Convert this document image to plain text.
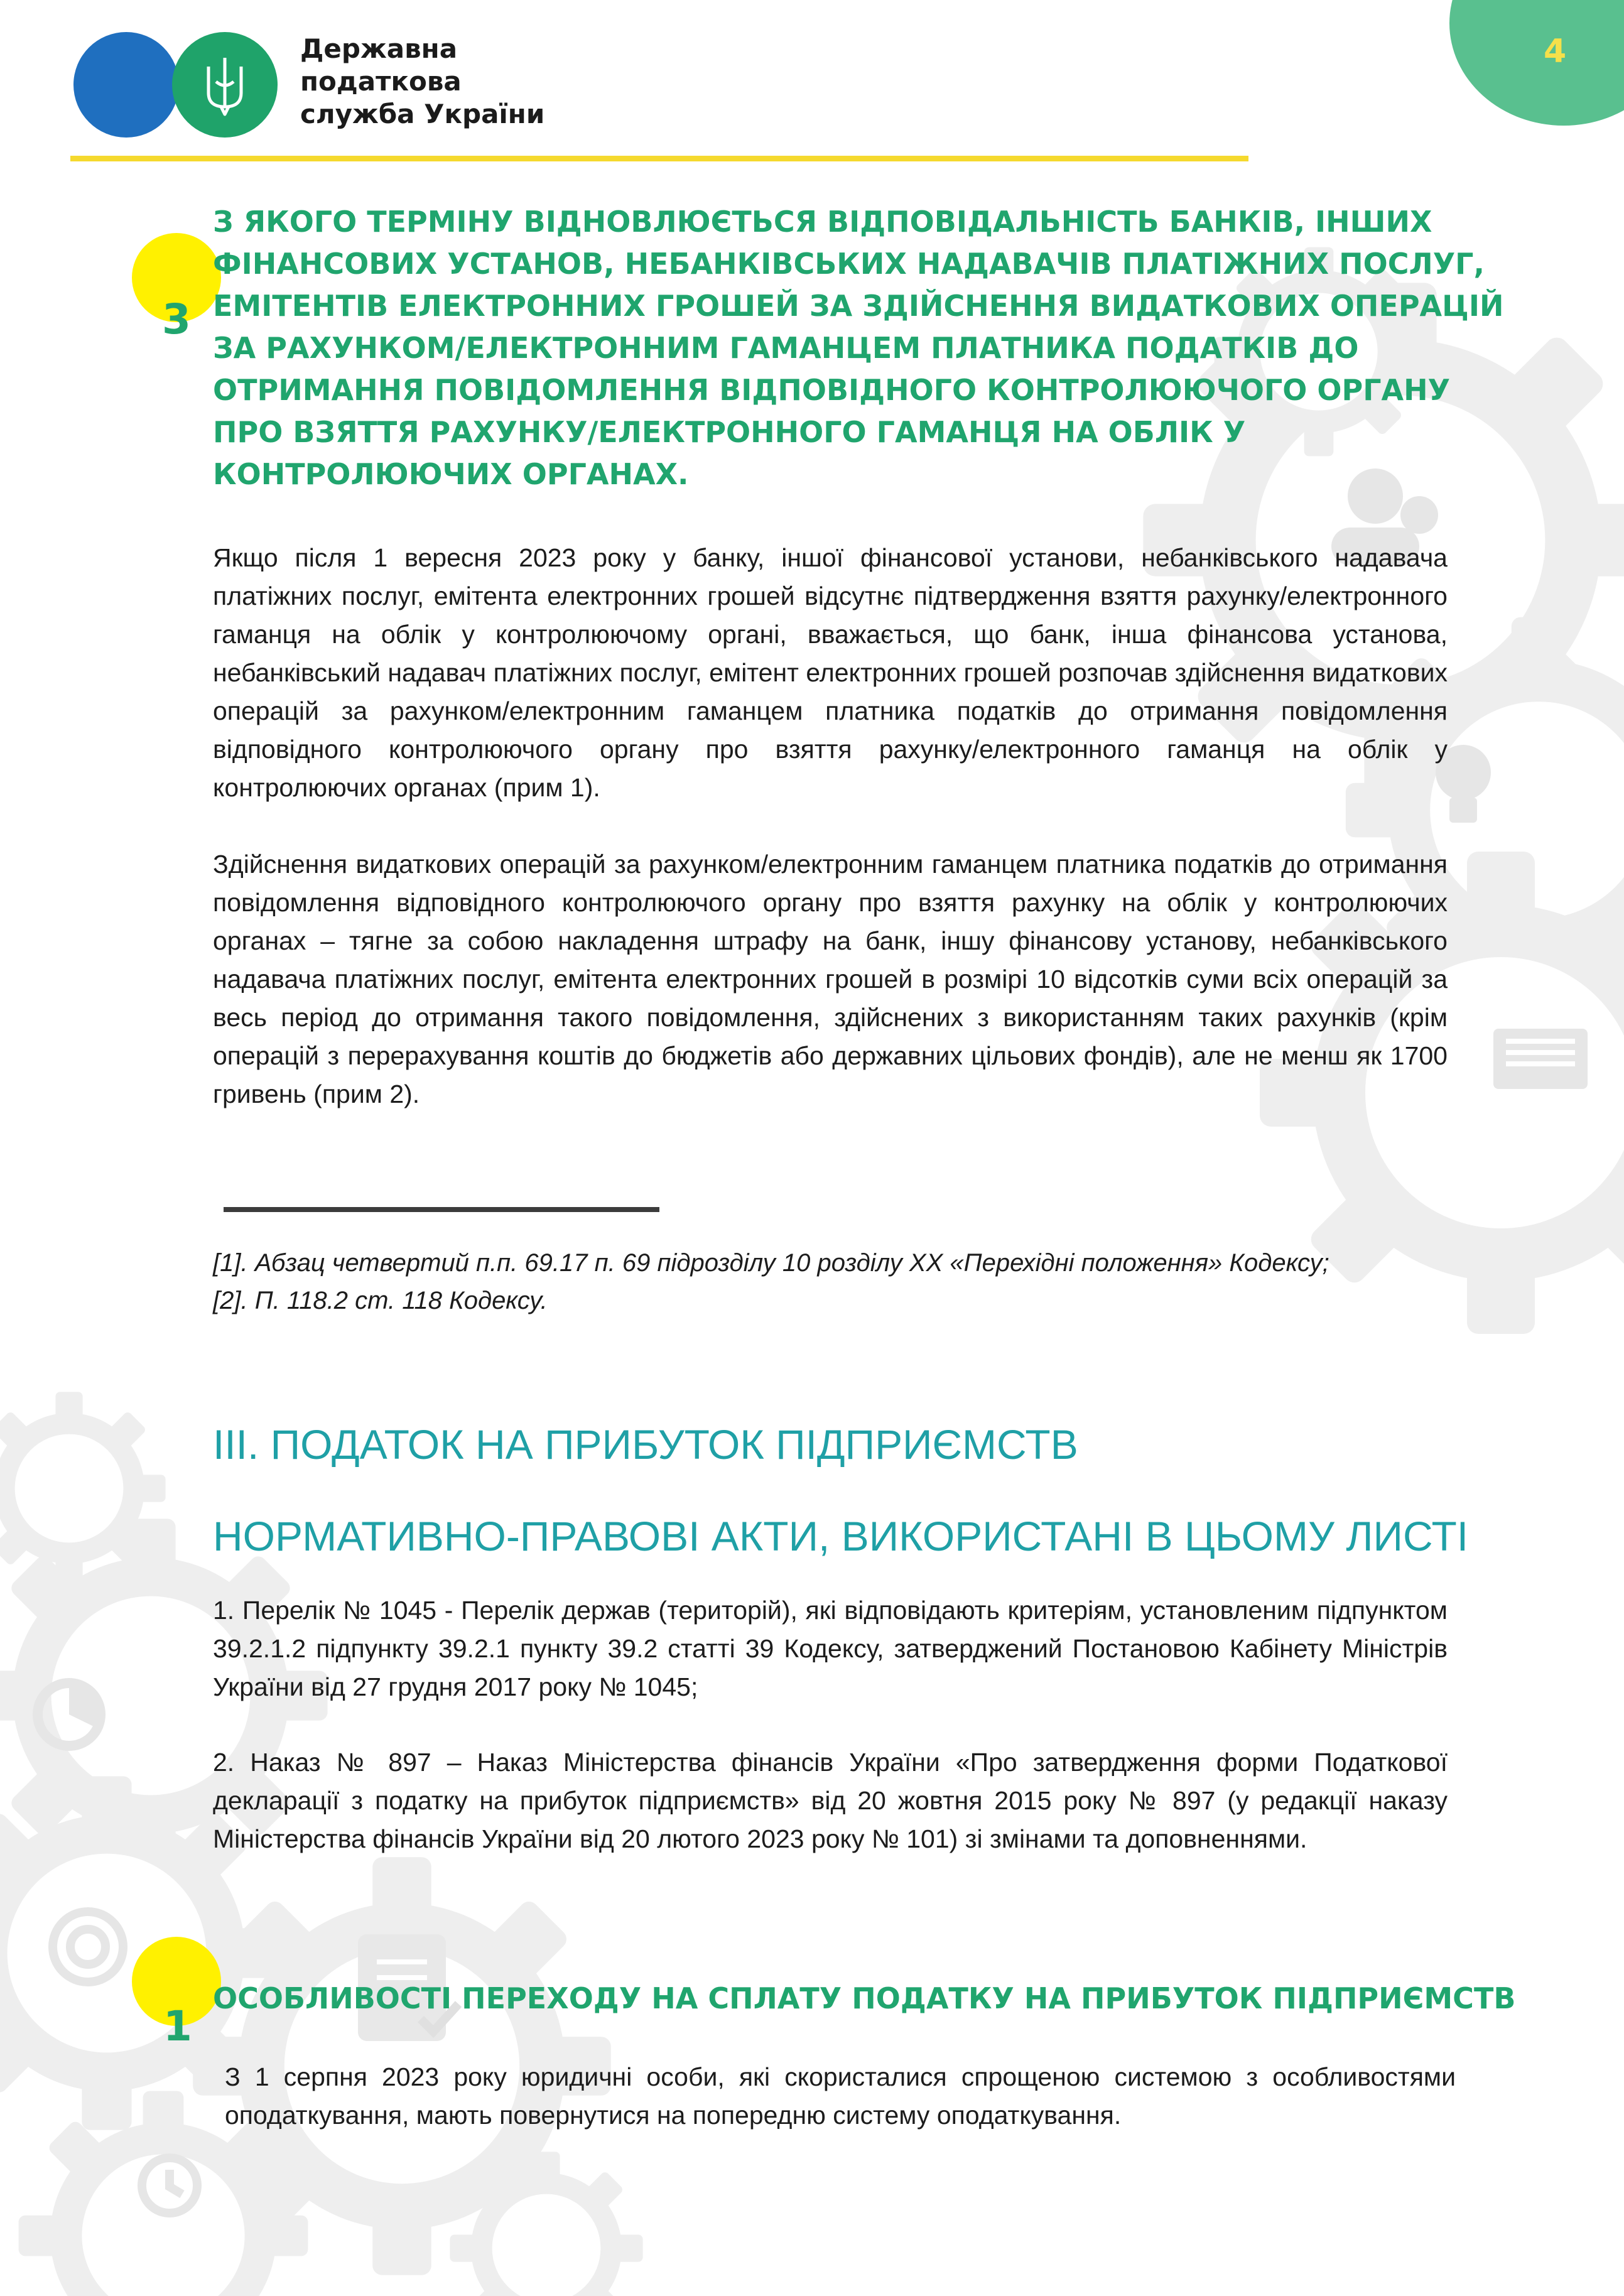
Державна
податкова
служба України
4
3
З ЯКОГО ТЕРМІНУ ВІДНОВЛЮЄТЬСЯ ВІДПОВІДАЛЬНІСТЬ БАНКІВ, ІНШИХ
ФІНАНСОВИХ УСТАНОВ, НЕБАНКІВСЬКИХ НАДАВАЧІВ ПЛАТІЖНИХ ПОСЛУГ,
ЕМІТЕНТІВ ЕЛЕКТРОННИХ ГРОШЕЙ ЗА ЗДІЙСНЕННЯ ВИДАТКОВИХ ОПЕРАЦІЙ
ЗА РАХУНКОМ/ЕЛЕКТРОННИМ ГАМАНЦЕМ ПЛАТНИКА ПОДАТКІВ ДО
ОТРИМАННЯ ПОВІДОМЛЕННЯ ВІДПОВІДНОГО КОНТРОЛЮЮЧОГО ОРГАНУ
ПРО ВЗЯТТЯ РАХУНКУ/ЕЛЕКТРОННОГО ГАМАНЦЯ НА ОБЛІК У
КОНТРОЛЮЮЧИХ ОРГАНАХ.
Якщо після 1 вересня 2023 року у банку, іншої фінансової установи, небанківського надавача платіжних послуг, емітента електронних грошей відсутнє підтвердження взяття рахунку/електронного гаманця на облік у контролюючому органі, вважається, що банк, інша фінансова установа, небанківський надавач платіжних послуг, емітент електронних грошей розпочав здійснення видаткових операцій за рахунком/електронним гаманцем платника податків до отримання повідомлення відповідного контролюючого органу про взяття рахунку/електронного гаманця на облік у контролюючих органах (прим 1).
Здійснення видаткових операцій за рахунком/електронним гаманцем платника податків до отримання повідомлення відповідного контролюючого органу про взяття рахунку на облік у контролюючих органах – тягне за собою накладення штрафу на банк, іншу фінансову установу, небанківського надавача платіжних послуг, емітента електронних грошей в розмірі 10 відсотків суми всіх операцій за весь період до отримання такого повідомлення, здійснених з використанням таких рахунків (крім операцій з перерахування коштів до бюджетів або державних цільових фондів), але не менш як 1700 гривень (прим 2).
[1]. Абзац четвертий п.п. 69.17 п. 69 підрозділу 10 розділу XX «Перехідні положення» Кодексу;
[2]. П. 118.2 ст. 118 Кодексу.
ІІІ. ПОДАТОК НА ПРИБУТОК ПІДПРИЄМСТВ
НОРМАТИВНО-ПРАВОВІ АКТИ, ВИКОРИСТАНІ В ЦЬОМУ ЛИСТІ
1. Перелік № 1045 - Перелік держав (територій), які відповідають критеріям, установленим підпунктом 39.2.1.2 підпункту 39.2.1 пункту 39.2 статті 39 Кодексу, затверджений Постановою Кабінету Міністрів України від 27 грудня 2017 року № 1045;
2. Наказ № 897 – Наказ Міністерства фінансів України «Про затвердження форми Податкової декларації з податку на прибуток підприємств» від 20 жовтня 2015 року № 897 (у редакції наказу Міністерства фінансів України від 20 лютого 2023 року № 101) зі змінами та доповненнями.
1
ОСОБЛИВОСТІ ПЕРЕХОДУ НА СПЛАТУ ПОДАТКУ НА ПРИБУТОК ПІДПРИЄМСТВ
З 1 серпня 2023 року юридичні особи, які скористалися спрощеною системою з особливостями оподаткування, мають повернутися на попередню систему оподаткування.
